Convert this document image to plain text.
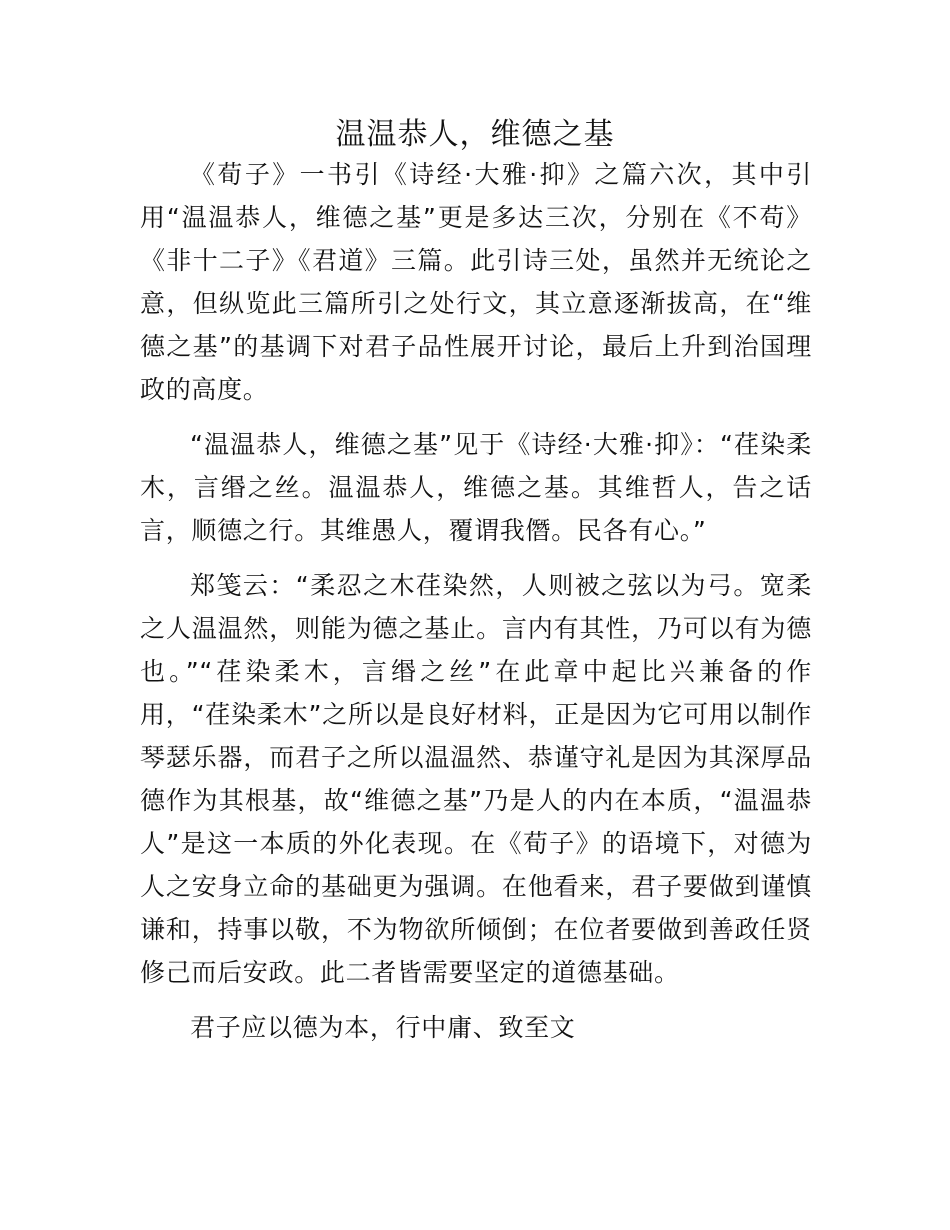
温温恭人，维德之基

《荀子》一书引《诗经·大雅·抑》之篇六次，其中引用“温温恭人，维德之基”更是多达三次，分别在《不苟》《非十二子》《君道》三篇。此引诗三处，虽然并无统论之意，但纵览此三篇所引之处行文，其立意逐渐拔高，在“维德之基”的基调下对君子品性展开讨论，最后上升到治国理政的高度。

“温温恭人，维德之基”见于《诗经·大雅·抑》：“荏染柔木，言缗之丝。温温恭人，维德之基。其维哲人，告之话言，顺德之行。其维愚人，覆谓我僭。民各有心。”

郑笺云：“柔忍之木荏染然，人则被之弦以为弓。宽柔之人温温然，则能为德之基止。言内有其性，乃可以有为德也。”“荏染柔木，言缗之丝”在此章中起比兴兼备的作用，“荏染柔木”之所以是良好材料，正是因为它可用以制作琴瑟乐器，而君子之所以温温然、恭谨守礼是因为其深厚品德作为其根基，故“维德之基”乃是人的内在本质，“温温恭人”是这一本质的外化表现。在《荀子》的语境下，对德为人之安身立命的基础更为强调。在他看来，君子要做到谨慎谦和，持事以敬，不为物欲所倾倒；在位者要做到善政任贤修己而后安政。此二者皆需要坚定的道德基础。

君子应以德为本，行中庸、致至文
